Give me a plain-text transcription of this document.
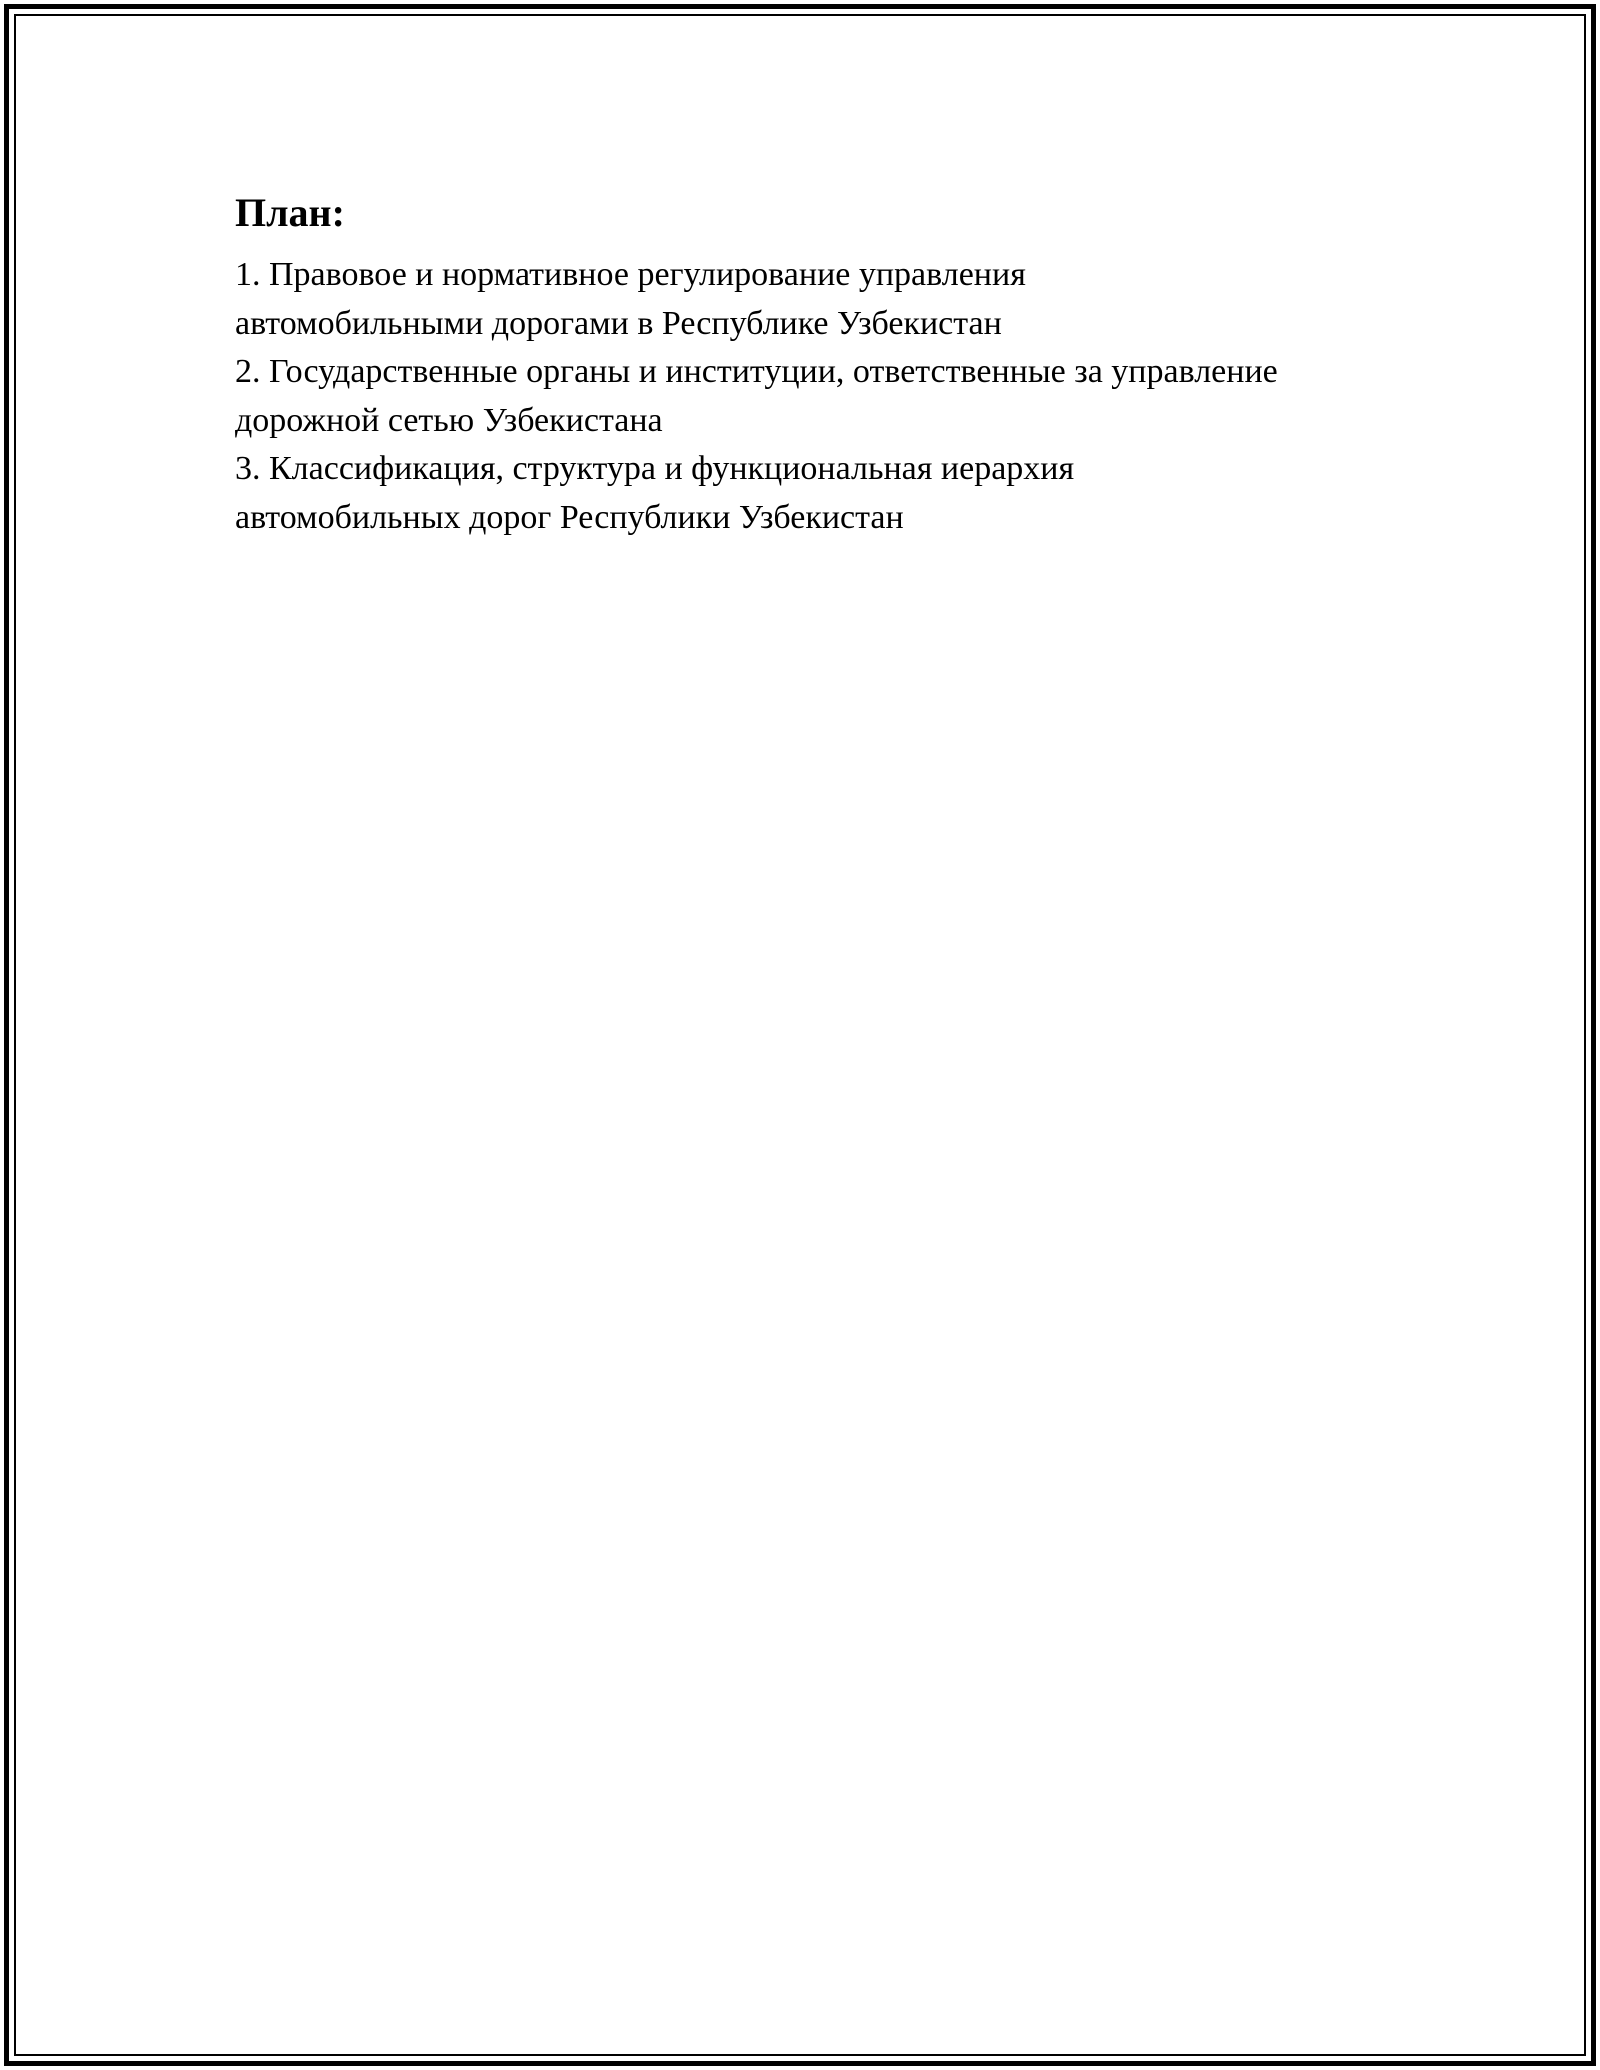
План:
1. Правовое и нормативное регулирование управления
автомобильными дорогами в Республике Узбекистан
2. Государственные органы и институции, ответственные за управление
дорожной сетью Узбекистана
3. Классификация, структура и функциональная иерархия
автомобильных дорог Республики Узбекистан
